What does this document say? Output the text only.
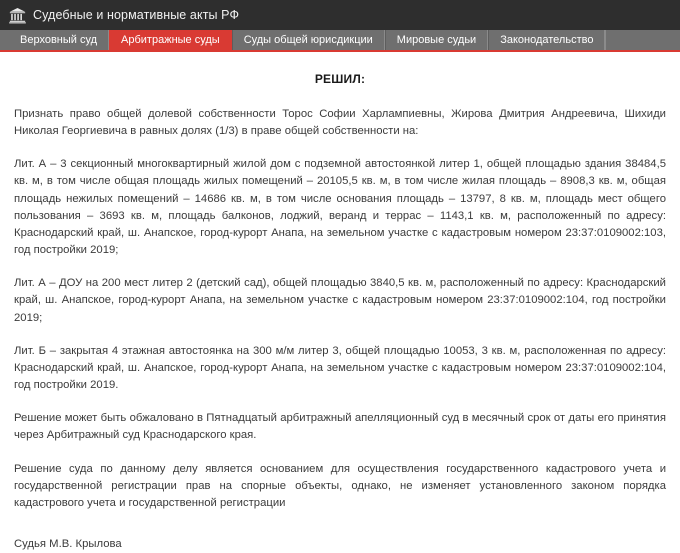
Судебные и нормативные акты РФ
Верховный суд	Арбитражные суды	Суды общей юрисдикции	Мировые судьи	Законодательство
РЕШИЛ:

Признать право общей долевой собственности Торос Софии Харлампиевны, Жирова Дмитрия Андреевича, Шихиди Николая Георгиевича в равных долях (1/3) в праве общей собственности на:

Лит. А – 3 секционный многоквартирный жилой дом с подземной автостоянкой литер 1, общей площадью здания 38484,5 кв. м, в том числе общая площадь жилых помещений – 20105,5 кв. м, в том числе жилая площадь – 8908,3 кв. м, общая площадь нежилых помещений – 14686 кв. м, в том числе основания площадь – 13797, 8 кв. м, площадь мест общего пользования – 3693 кв. м, площадь балконов, лоджий, веранд и террас – 1143,1 кв. м, расположенный по адресу: Краснодарский край, ш. Анапское, город-курорт Анапа, на земельном участке с кадастровым номером 23:37:0109002:103, год постройки 2019;

Лит. А – ДОУ на 200 мест литер 2 (детский сад), общей площадью 3840,5 кв. м, расположенный по адресу: Краснодарский край, ш. Анапское, город-курорт Анапа, на земельном участке с кадастровым номером 23:37:0109002:104, год постройки 2019;

Лит. Б – закрытая 4 этажная автостоянка на 300 м/м литер 3, общей площадью 10053, 3 кв. м, расположенная по адресу: Краснодарский край, ш. Анапское, город-курорт Анапа, на земельном участке с кадастровым номером 23:37:0109002:104, год постройки 2019.

Решение может быть обжаловано в Пятнадцатый арбитражный апелляционный суд в месячный срок от даты его принятия через Арбитражный суд Краснодарского края.

Решение суда по данному делу является основанием для осуществления государственного кадастрового учета и государственной регистрации прав на спорные объекты, однако, не изменяет установленного законом порядка кадастрового учета и государственной регистрации

Судья М.В. Крылова
